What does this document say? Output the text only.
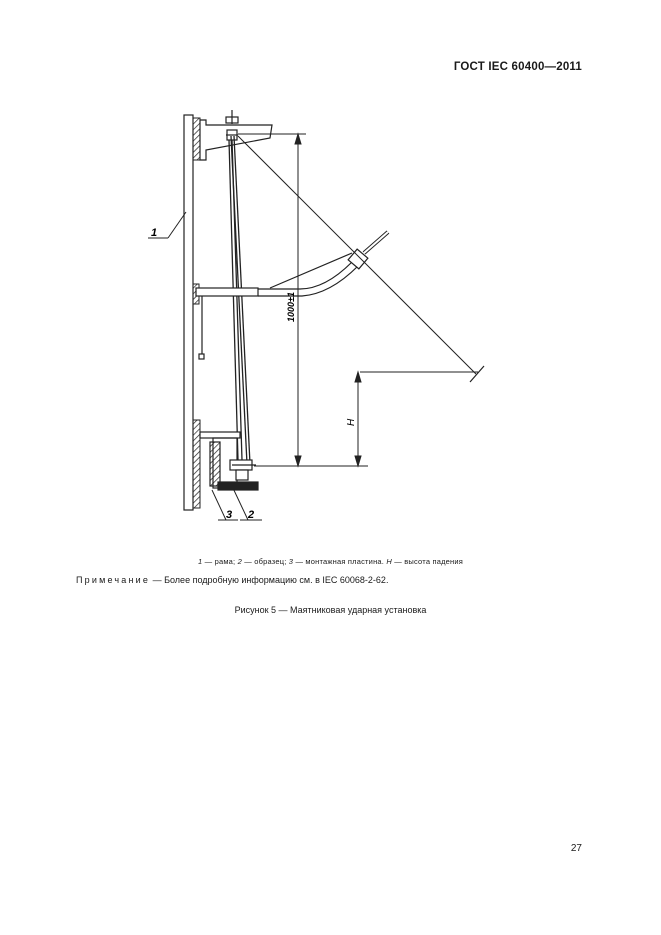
ГОСТ IEC 60400—2011
1000±1
H
1
2
3
1 — рама; 2 — образец; 3 — монтажная пластина. H — высота падения
Примечание — Более подробную информацию см. в IEC 60068-2-62.
Рисунок 5 — Маятниковая ударная установка
27
